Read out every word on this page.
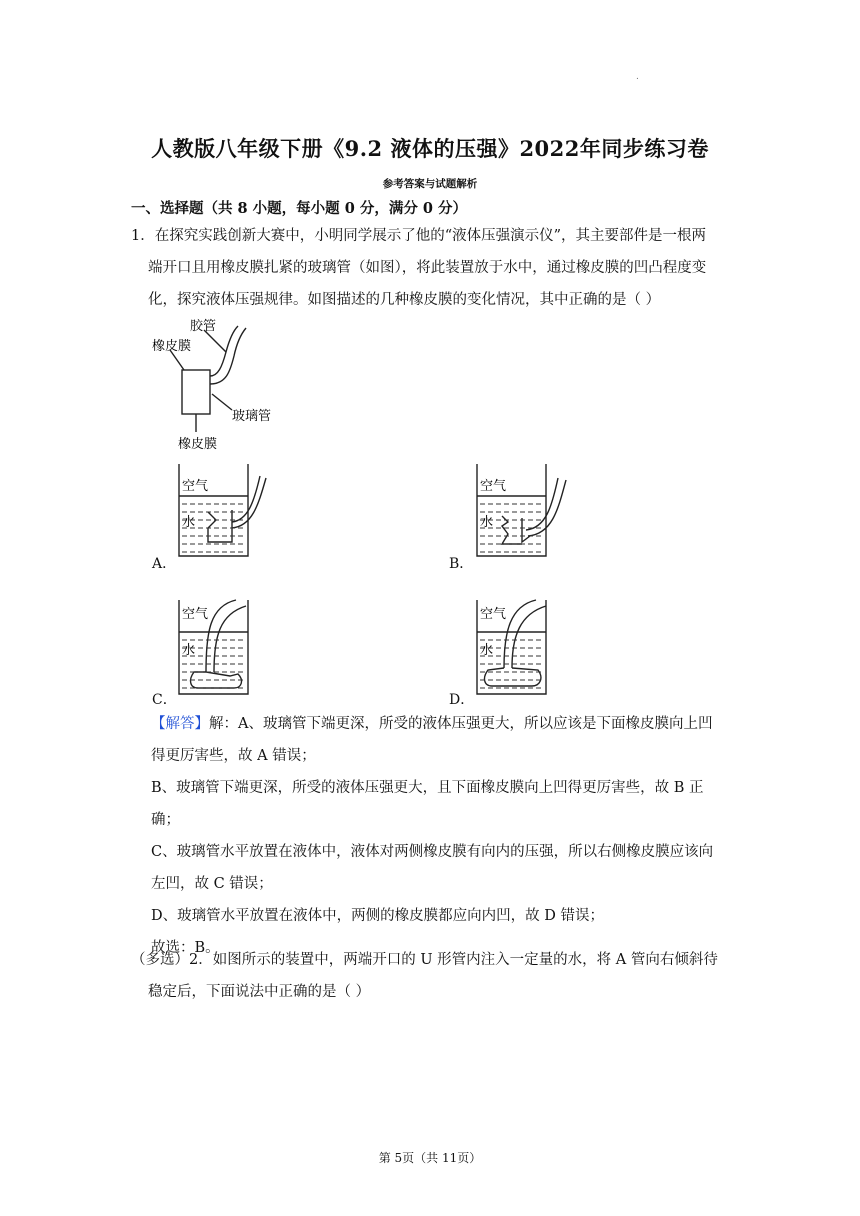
.
人教版八年级下册《9.2 液体的压强》2022年同步练习卷
参考答案与试题解析
一、选择题（共 8 小题，每小题 0 分，满分 0 分）
1．在探究实践创新大赛中，小明同学展示了他的“液体压强演示仪”，其主要部件是一根两
端开口且用橡皮膜扎紧的玻璃管（如图），将此装置放于水中，通过橡皮膜的凹凸程度变
化，探究液体压强规律。如图描述的几种橡皮膜的变化情况，其中正确的是（ ）
胶管
橡皮膜
玻璃管
橡皮膜
空气
水
A．
空气
水
B．
空气
水
C．
空气
水
D．
【解答】解：A、玻璃管下端更深，所受的液体压强更大，所以应该是下面橡皮膜向上凹
得更厉害些，故 A 错误；
B、玻璃管下端更深，所受的液体压强更大，且下面橡皮膜向上凹得更厉害些，故 B 正
确；
C、玻璃管水平放置在液体中，液体对两侧橡皮膜有向内的压强，所以右侧橡皮膜应该向
左凹，故 C 错误；
D、玻璃管水平放置在液体中，两侧的橡皮膜都应向内凹，故 D 错误；
故选：B。
（多选）2．如图所示的装置中，两端开口的 U 形管内注入一定量的水，将 A 管向右倾斜待
稳定后，下面说法中正确的是（ ）
第 5页（共 11页）
